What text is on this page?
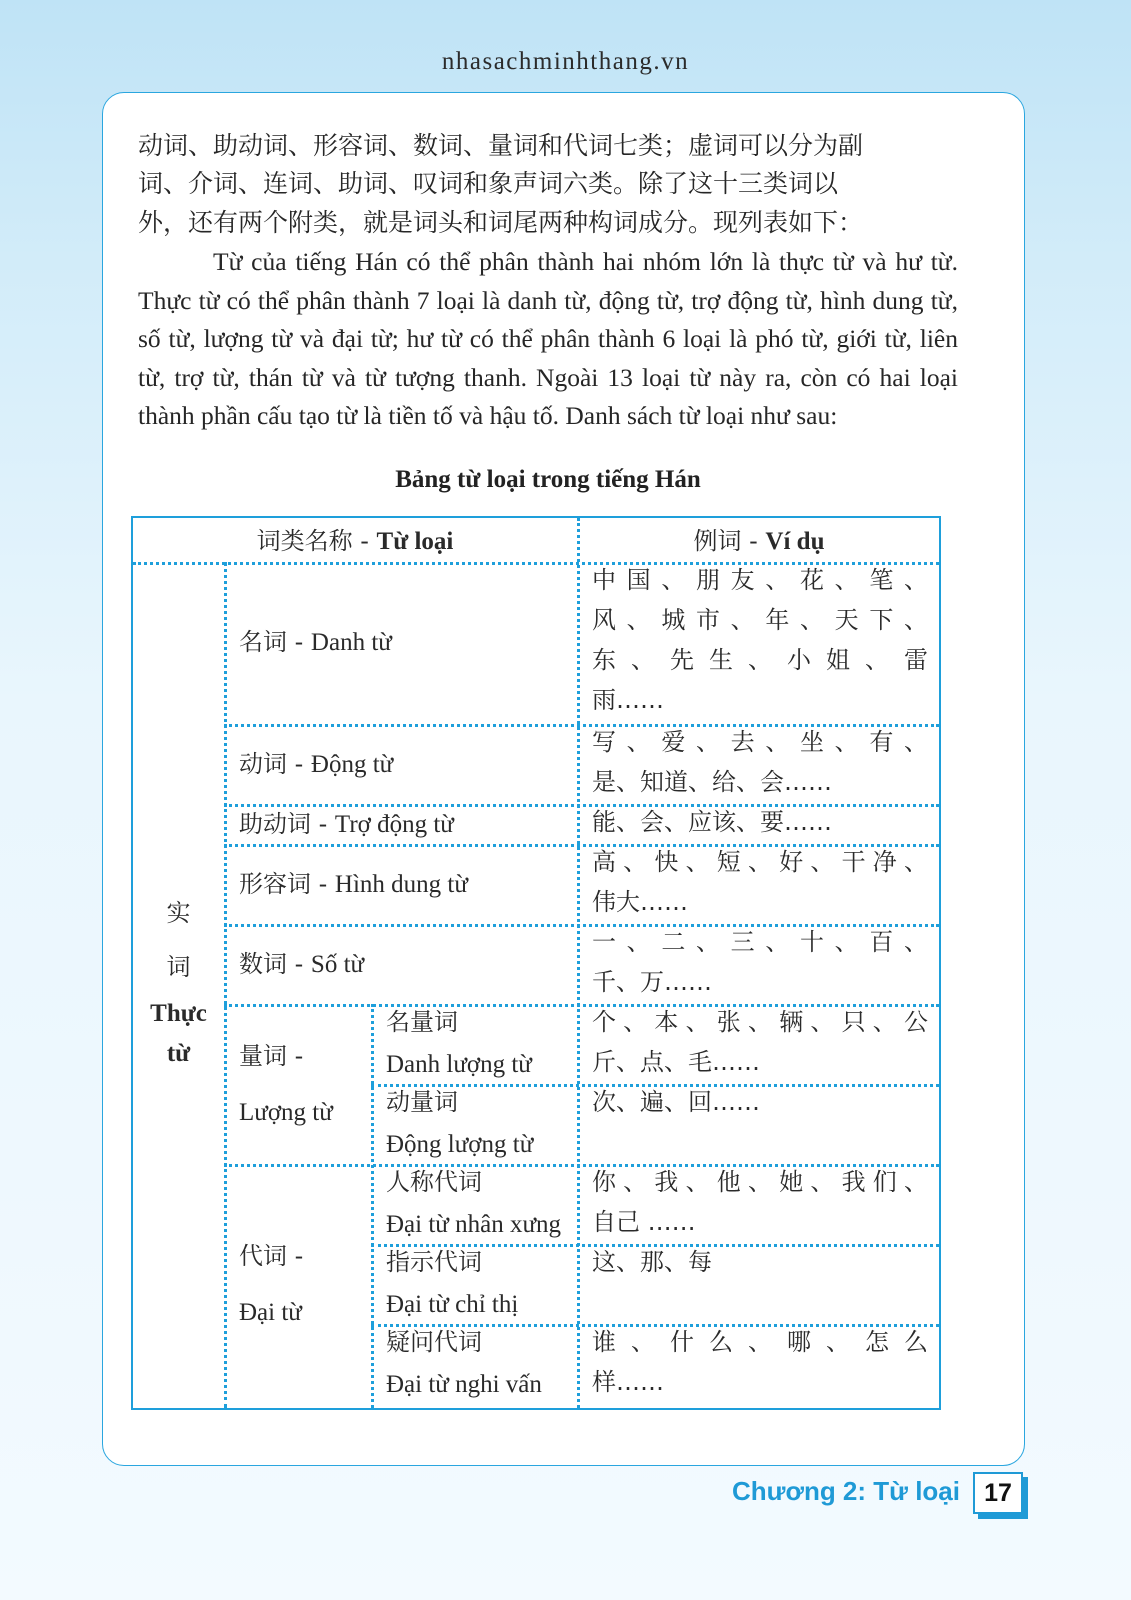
nhasachminhthang.vn

动词、助动词、形容词、数词、量词和代词七类；虚词可以分为副

词、介词、连词、助词、叹词和象声词六类。除了这十三类词以

外，还有两个附类，就是词头和词尾两种构词成分。现列表如下：

Từ của tiếng Hán có thể phân thành hai nhóm lớn là thực từ và hư từ. Thực từ có thể phân thành 7 loại là danh từ, động từ, trợ động từ, hình dung từ, số từ, lượng từ và đại từ; hư từ có thể phân thành 6 loại là phó từ, giới từ, liên từ, trợ từ, thán từ và từ tượng thanh. Ngoài 13 loại từ này ra, còn có hai loại thành phần cấu tạo từ là tiền tố và hậu tố. Danh sách từ loại như sau:

Bảng từ loại trong tiếng Hán
词类名称 - Từ loại	例词 - Ví dụ
实
词
Thực
từ
名词 - Danh từ

中国、朋友、花、笔、

风、城市、年、天下、

东、先生、小姐、雷

雨……

动词 - Động từ

写、爱、去、坐、有、

是、知道、给、会……

助动词 - Trợ động từ	能、会、应该、要……

形容词 - Hình dung từ

高、快、短、好、干净、

伟大……

数词 - Số từ

一、二、三、十、百、

千、万……

量词 -
Lượng từ
名量词
Danh lượng từ

个、本、张、辆、只、公

斤、点、毛……

动量词
Động lượng từ

次、遍、回……

代词 -
Đại từ
人称代词
Đại từ nhân xưng

你、我、他、她、我们、

自己 ……

指示代词
Đại từ chỉ thị

这、那、每

疑问代词
Đại từ nghi vấn

谁、什么、哪、怎么

样……

Chương 2: Từ loại 17
